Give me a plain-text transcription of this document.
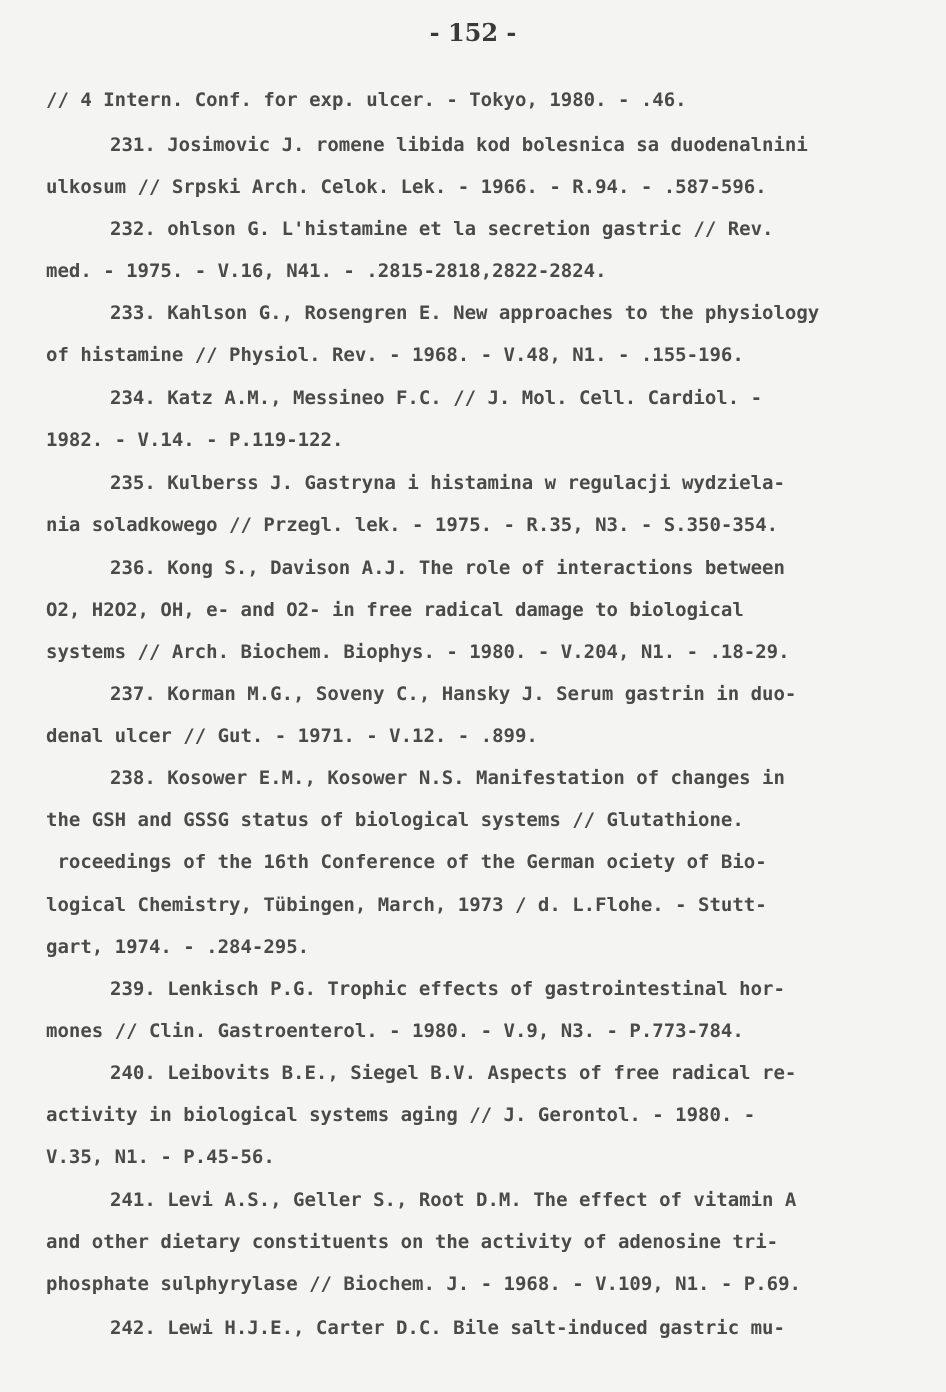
- 152 -
// 4 Intern. Conf. for exp. ulcer. - Tokyo, 1980. - .46.
231. Josimovic J. romene libida kod bolesnica sa duodenalnini
ulkosum // Srpski Arch. Celok. Lek. - 1966. - R.94. - .587-596.
232. ohlson G. L'histamine et la secretion gastric // Rev.
med. - 1975. - V.16, N41. - .2815-2818,2822-2824.
233. Kahlson G., Rosengren E. New approaches to the physiology
of histamine // Physiol. Rev. - 1968. - V.48, N1. - .155-196.
234. Katz A.M., Messineo F.C. // J. Mol. Cell. Cardiol. -
1982. - V.14. - P.119-122.
235. Kulberss J. Gastryna i histamina w regulacji wydziela-
nia soladkowego // Przegl. lek. - 1975. - R.35, N3. - S.350-354.
236. Kong S., Davison A.J. The role of interactions between
O2, H2O2, OH, e- and O2- in free radical damage to biological
systems // Arch. Biochem. Biophys. - 1980. - V.204, N1. - .18-29.
237. Korman M.G., Soveny C., Hansky J. Serum gastrin in duo-
denal ulcer // Gut. - 1971. - V.12. - .899.
238. Kosower E.M., Kosower N.S. Manifestation of changes in
the GSH and GSSG status of biological systems // Glutathione.
roceedings of the 16th Conference of the German ociety of Bio-
logical Chemistry, Tübingen, March, 1973 / d. L.Flohe. - Stutt-
gart, 1974. - .284-295.
239. Lenkisch P.G. Trophic effects of gastrointestinal hor-
mones // Clin. Gastroenterol. - 1980. - V.9, N3. - P.773-784.
240. Leibovits B.E., Siegel B.V. Aspects of free radical re-
activity in biological systems aging // J. Gerontol. - 1980. -
V.35, N1. - P.45-56.
241. Levi A.S., Geller S., Root D.M. The effect of vitamin A
and other dietary constituents on the activity of adenosine tri-
phosphate sulphyrylase // Biochem. J. - 1968. - V.109, N1. - P.69.
242. Lewi H.J.E., Carter D.C. Bile salt-induced gastric mu-
